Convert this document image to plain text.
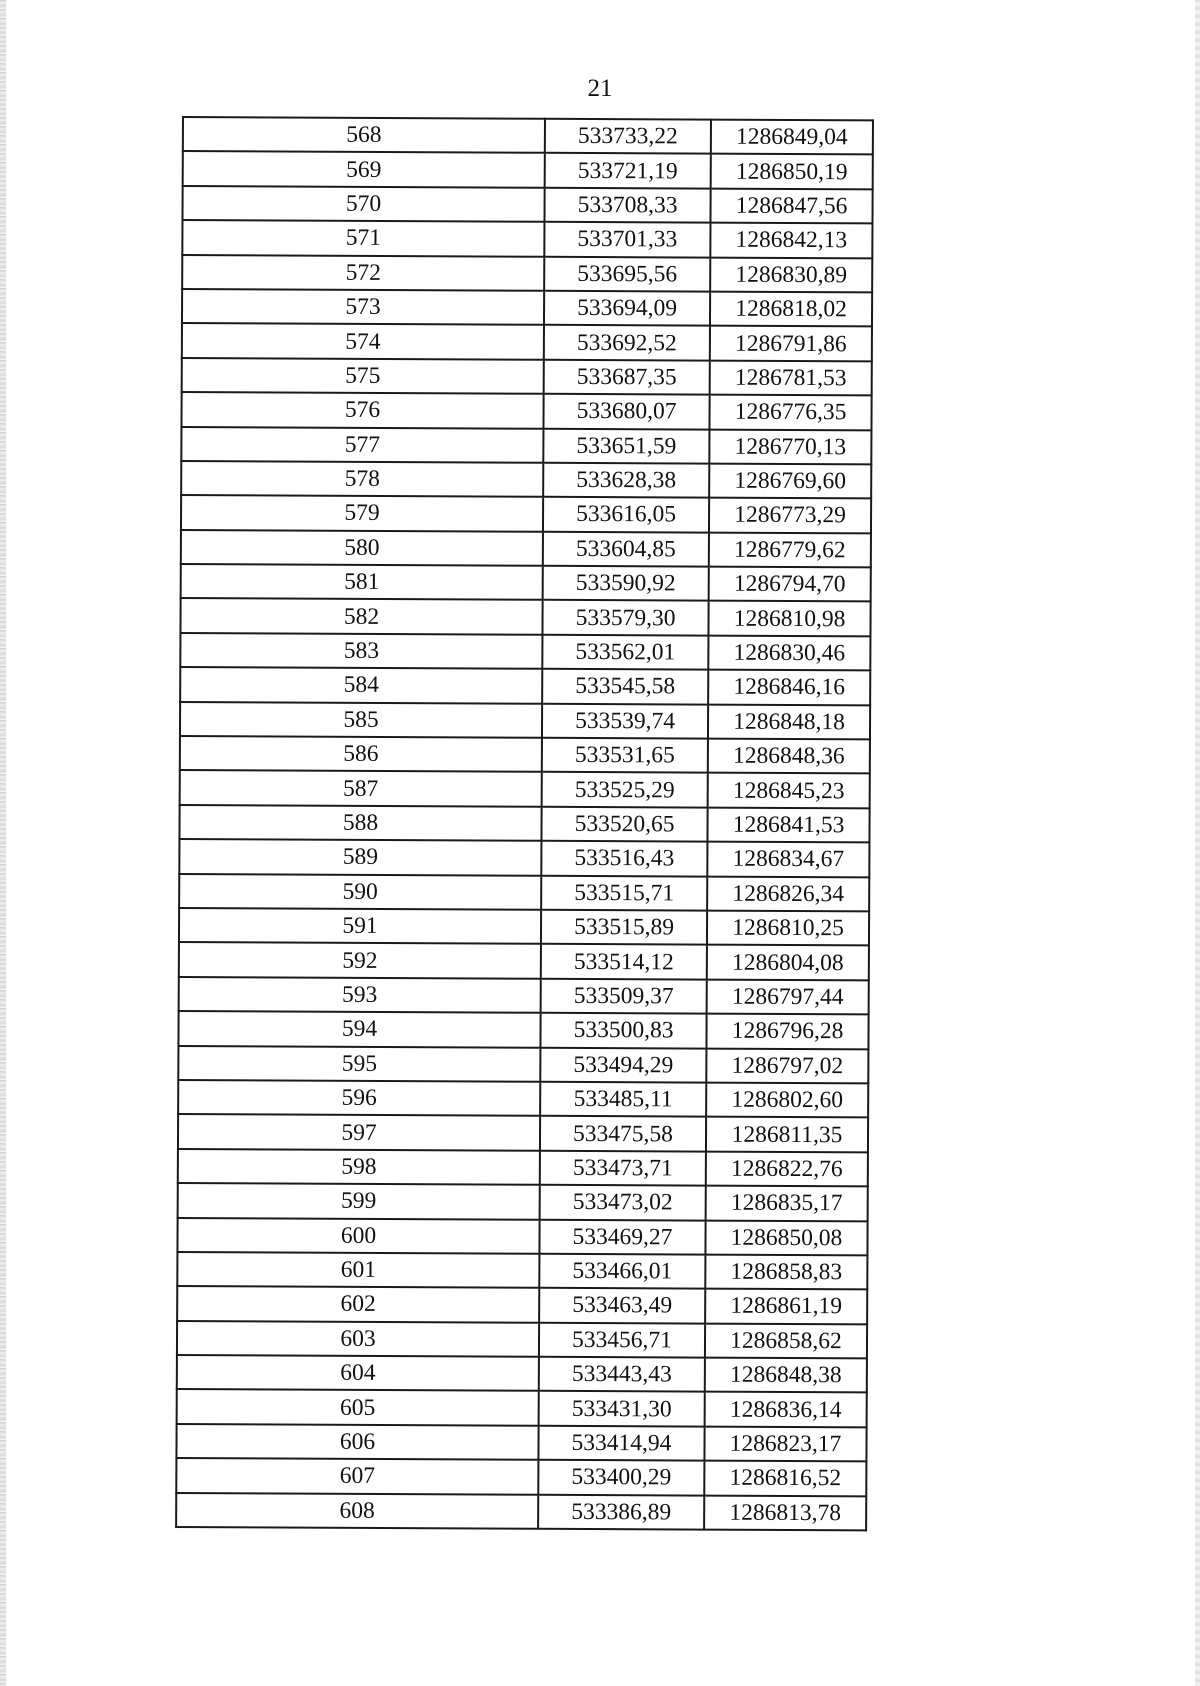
21
568	533733,22	1286849,04
569	533721,19	1286850,19
570	533708,33	1286847,56
571	533701,33	1286842,13
572	533695,56	1286830,89
573	533694,09	1286818,02
574	533692,52	1286791,86
575	533687,35	1286781,53
576	533680,07	1286776,35
577	533651,59	1286770,13
578	533628,38	1286769,60
579	533616,05	1286773,29
580	533604,85	1286779,62
581	533590,92	1286794,70
582	533579,30	1286810,98
583	533562,01	1286830,46
584	533545,58	1286846,16
585	533539,74	1286848,18
586	533531,65	1286848,36
587	533525,29	1286845,23
588	533520,65	1286841,53
589	533516,43	1286834,67
590	533515,71	1286826,34
591	533515,89	1286810,25
592	533514,12	1286804,08
593	533509,37	1286797,44
594	533500,83	1286796,28
595	533494,29	1286797,02
596	533485,11	1286802,60
597	533475,58	1286811,35
598	533473,71	1286822,76
599	533473,02	1286835,17
600	533469,27	1286850,08
601	533466,01	1286858,83
602	533463,49	1286861,19
603	533456,71	1286858,62
604	533443,43	1286848,38
605	533431,30	1286836,14
606	533414,94	1286823,17
607	533400,29	1286816,52
608	533386,89	1286813,78
